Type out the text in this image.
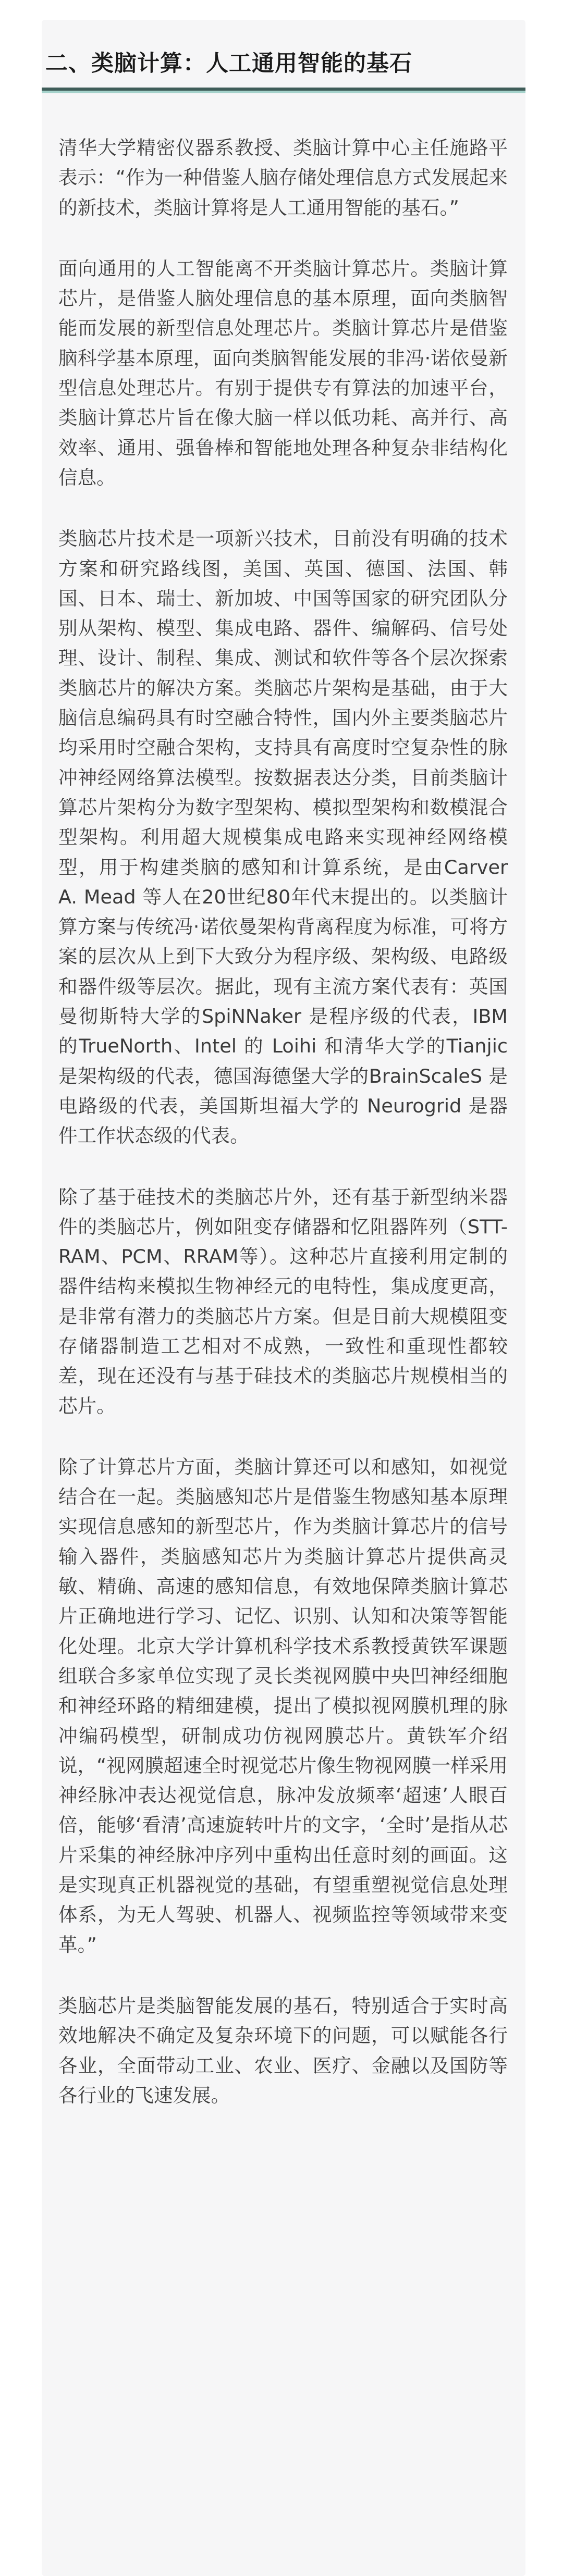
二、类脑计算：人工通用智能的基石

清华大学精密仪器系教授、类脑计算中心主任施路平表示：“作为一种借鉴人脑存储处理信息方式发展起来的新技术，类脑计算将是人工通用智能的基石。”

面向通用的人工智能离不开类脑计算芯片。类脑计算芯片，是借鉴人脑处理信息的基本原理，面向类脑智能而发展的新型信息处理芯片。类脑计算芯片是借鉴脑科学基本原理，面向类脑智能发展的非冯·诺依曼新型信息处理芯片。有别于提供专有算法的加速平台，类脑计算芯片旨在像大脑一样以低功耗、高并行、高效率、通用、强鲁棒和智能地处理各种复杂非结构化信息。

类脑芯片技术是一项新兴技术，目前没有明确的技术方案和研究路线图，美国、英国、德国、法国、韩国、日本、瑞士、新加坡、中国等国家的研究团队分别从架构、模型、集成电路、器件、编解码、信号处理、设计、制程、集成、测试和软件等各个层次探索类脑芯片的解决方案。类脑芯片架构是基础，由于大脑信息编码具有时空融合特性，国内外主要类脑芯片均采用时空融合架构，支持具有高度时空复杂性的脉冲神经网络算法模型。按数据表达分类，目前类脑计算芯片架构分为数字型架构、模拟型架构和数模混合型架构。利用超大规模集成电路来实现神经网络模型，用于构建类脑的感知和计算系统，是由Carver A. Mead 等人在20世纪80年代末提出的。以类脑计算方案与传统冯·诺依曼架构背离程度为标准，可将方案的层次从上到下大致分为程序级、架构级、电路级和器件级等层次。据此，现有主流方案代表有：英国曼彻斯特大学的SpiNNaker 是程序级的代表，IBM 的TrueNorth、Intel 的 Loihi 和清华大学的Tianjic 是架构级的代表，德国海德堡大学的BrainScaleS 是电路级的代表，美国斯坦福大学的 Neurogrid 是器件工作状态级的代表。

除了基于硅技术的类脑芯片外，还有基于新型纳米器件的类脑芯片，例如阻变存储器和忆阻器阵列（STT-RAM、PCM、RRAM等）。这种芯片直接利用定制的器件结构来模拟生物神经元的电特性，集成度更高，是非常有潜力的类脑芯片方案。但是目前大规模阻变存储器制造工艺相对不成熟，一致性和重现性都较差，现在还没有与基于硅技术的类脑芯片规模相当的芯片。

除了计算芯片方面，类脑计算还可以和感知，如视觉结合在一起。类脑感知芯片是借鉴生物感知基本原理实现信息感知的新型芯片，作为类脑计算芯片的信号输入器件，类脑感知芯片为类脑计算芯片提供高灵敏、精确、高速的感知信息，有效地保障类脑计算芯片正确地进行学习、记忆、识别、认知和决策等智能化处理。北京大学计算机科学技术系教授黄铁军课题组联合多家单位实现了灵长类视网膜中央凹神经细胞和神经环路的精细建模，提出了模拟视网膜机理的脉冲编码模型，研制成功仿视网膜芯片。黄铁军介绍说，“视网膜超速全时视觉芯片像生物视网膜一样采用神经脉冲表达视觉信息，脉冲发放频率‘超速’人眼百倍，能够‘看清’高速旋转叶片的文字，‘全时’是指从芯片采集的神经脉冲序列中重构出任意时刻的画面。这是实现真正机器视觉的基础，有望重塑视觉信息处理体系，为无人驾驶、机器人、视频监控等领域带来变革。”

类脑芯片是类脑智能发展的基石，特别适合于实时高效地解决不确定及复杂环境下的问题，可以赋能各行各业，全面带动工业、农业、医疗、金融以及国防等各行业的飞速发展。
